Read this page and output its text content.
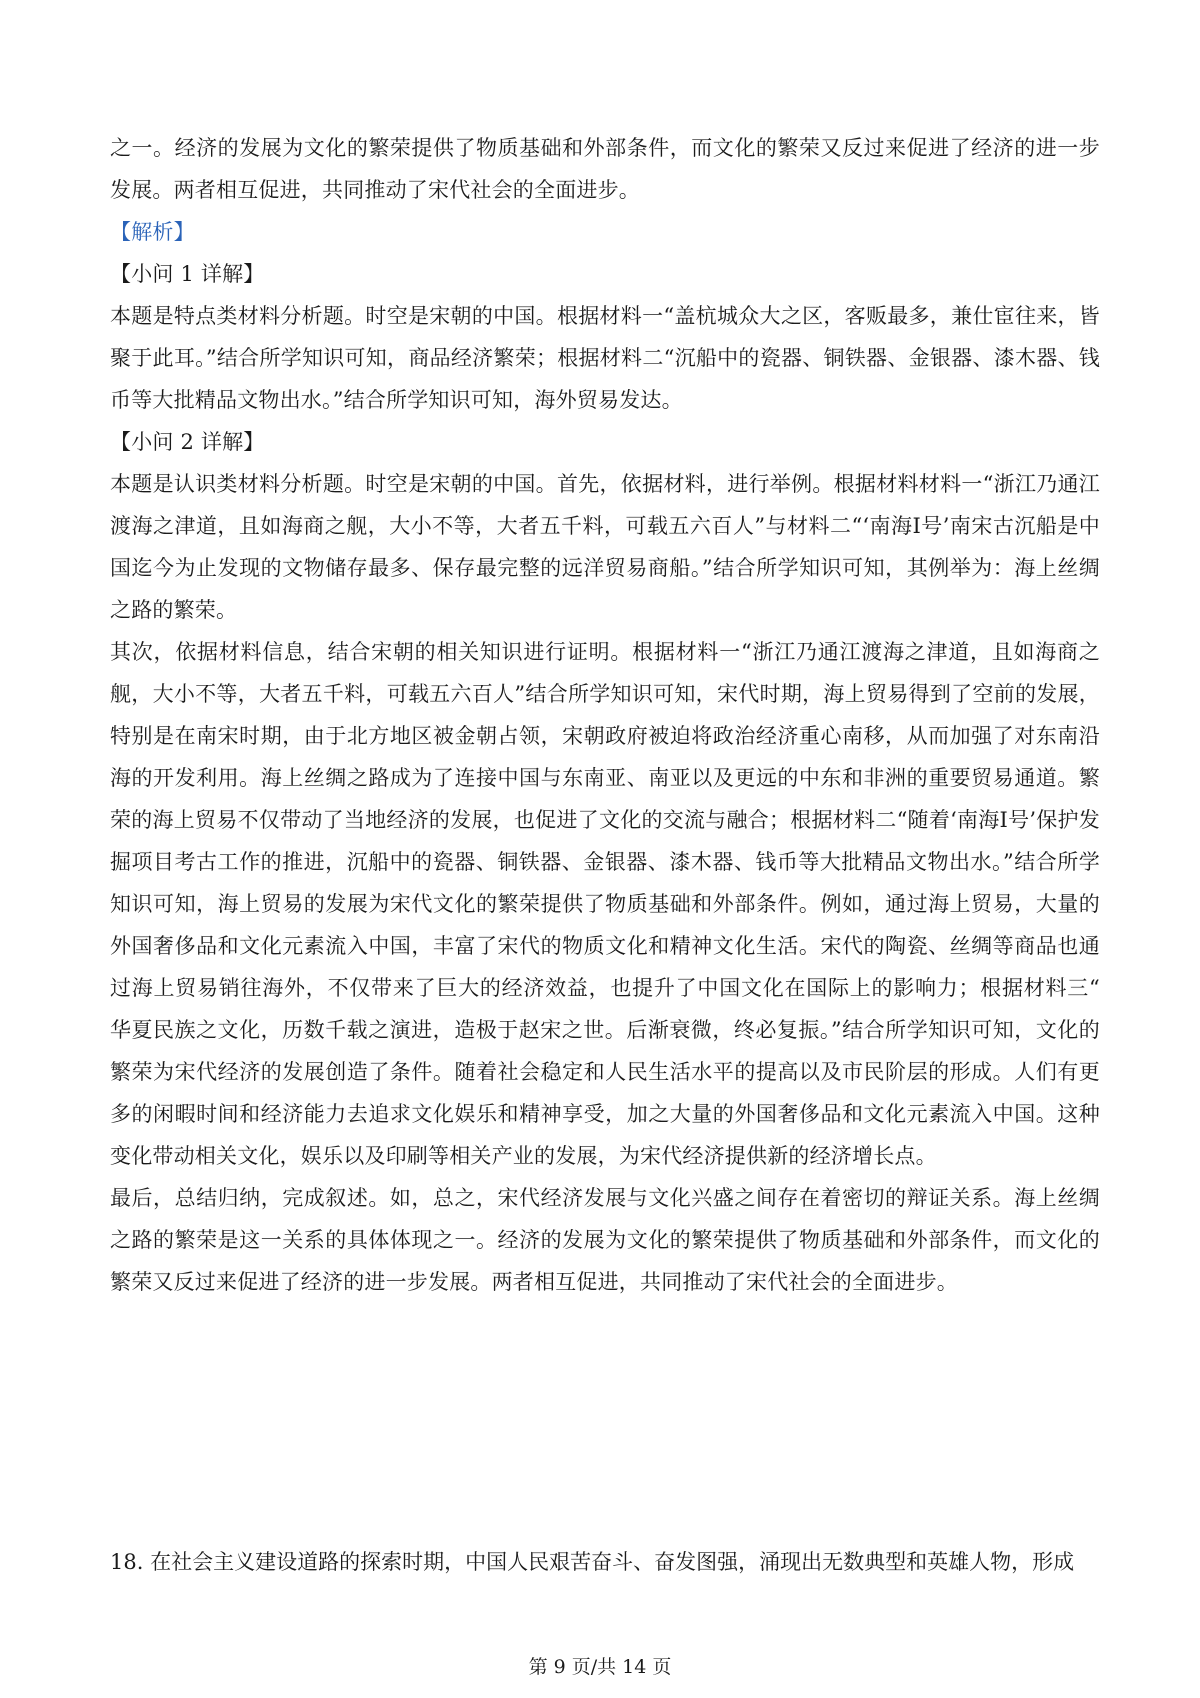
之一。经济的发展为文化的繁荣提供了物质基础和外部条件，而文化的繁荣又反过来促进了经济的进一步发展。两者相互促进，共同推动了宋代社会的全面进步。

【解析】

【小问 1 详解】

本题是特点类材料分析题。时空是宋朝的中国。根据材料一“盖杭城众大之区，客贩最多，兼仕宦往来，皆聚于此耳。”结合所学知识可知，商品经济繁荣；根据材料二“沉船中的瓷器、铜铁器、金银器、漆木器、钱币等大批精品文物出水。”结合所学知识可知，海外贸易发达。

【小问 2 详解】

本题是认识类材料分析题。时空是宋朝的中国。首先，依据材料，进行举例。根据材料材料一“浙江乃通江渡海之津道，且如海商之舰，大小不等，大者五千料，可载五六百人”与材料二“‘南海Ⅰ号’南宋古沉船是中国迄今为止发现的文物储存最多、保存最完整的远洋贸易商船。”结合所学知识可知，其例举为：海上丝绸之路的繁荣。

其次，依据材料信息，结合宋朝的相关知识进行证明。根据材料一“浙江乃通江渡海之津道，且如海商之舰，大小不等，大者五千料，可载五六百人”结合所学知识可知，宋代时期，海上贸易得到了空前的发展，特别是在南宋时期，由于北方地区被金朝占领，宋朝政府被迫将政治经济重心南移，从而加强了对东南沿海的开发利用。海上丝绸之路成为了连接中国与东南亚、南亚以及更远的中东和非洲的重要贸易通道。繁荣的海上贸易不仅带动了当地经济的发展，也促进了文化的交流与融合；根据材料二“随着‘南海Ⅰ号’保护发掘项目考古工作的推进，沉船中的瓷器、铜铁器、金银器、漆木器、钱币等大批精品文物出水。”结合所学知识可知，海上贸易的发展为宋代文化的繁荣提供了物质基础和外部条件。例如，通过海上贸易，大量的外国奢侈品和文化元素流入中国，丰富了宋代的物质文化和精神文化生活。宋代的陶瓷、丝绸等商品也通过海上贸易销往海外，不仅带来了巨大的经济效益，也提升了中国文化在国际上的影响力；根据材料三“　　华夏民族之文化，历数千载之演进，造极于赵宋之世。后渐衰微，终必复振。”结合所学知识可知，文化的繁荣为宋代经济的发展创造了条件。随着社会稳定和人民生活水平的提高以及市民阶层的形成。人们有更多的闲暇时间和经济能力去追求文化娱乐和精神享受，加之大量的外国奢侈品和文化元素流入中国。这种变化带动相关文化，娱乐以及印刷等相关产业的发展，为宋代经济提供新的经济增长点。

最后，总结归纳，完成叙述。如，总之，宋代经济发展与文化兴盛之间存在着密切的辩证关系。海上丝绸之路的繁荣是这一关系的具体体现之一。经济的发展为文化的繁荣提供了物质基础和外部条件，而文化的繁荣又反过来促进了经济的进一步发展。两者相互促进，共同推动了宋代社会的全面进步。

18. 在社会主义建设道路的探索时期，中国人民艰苦奋斗、奋发图强，涌现出无数典型和英雄人物，形成

第 9 页/共 14 页
